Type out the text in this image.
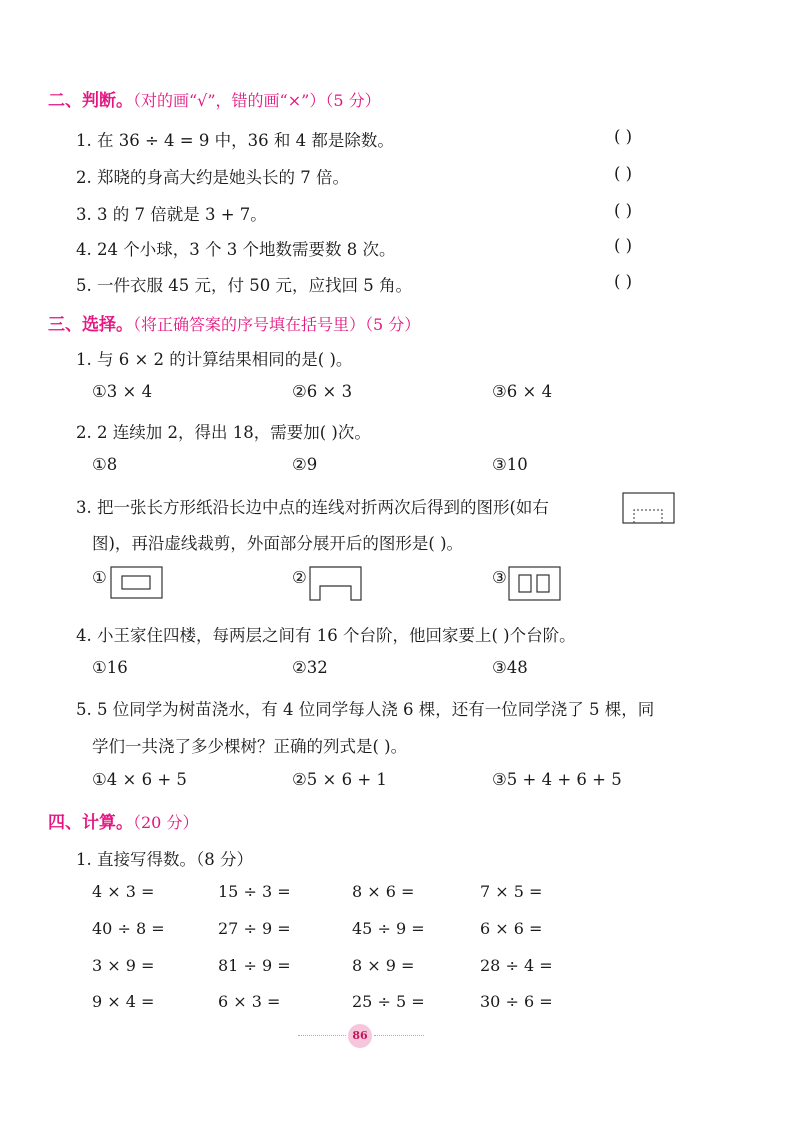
二、判断。（对的画“√”，错的画“×”）（5 分）
1. 在 36 ÷ 4 = 9 中，36 和 4 都是除数。	( )
2. 郑晓的身高大约是她头长的 7 倍。	( )
3. 3 的 7 倍就是 3 + 7。	( )
4. 24 个小球，3 个 3 个地数需要数 8 次。	( )
5. 一件衣服 45 元，付 50 元，应找回 5 角。	( )
三、选择。（将正确答案的序号填在括号里）（5 分）
1. 与 6 × 2 的计算结果相同的是( )。
①3 × 4	②6 × 3	③6 × 4
2. 2 连续加 2，得出 18，需要加( )次。
①8	②9	③10
3. 把一张长方形纸沿长边中点的连线对折两次后得到的图形(如右
图)，再沿虚线裁剪，外面部分展开后的图形是( )。
①	②	③
4. 小王家住四楼，每两层之间有 16 个台阶，他回家要上( )个台阶。
①16	②32	③48
5. 5 位同学为树苗浇水，有 4 位同学每人浇 6 棵，还有一位同学浇了 5 棵，同
学们一共浇了多少棵树？正确的列式是( )。
①4 × 6 + 5	②5 × 6 + 1	③5 + 4 + 6 + 5
四、计算。（20 分）
1. 直接写得数。（8 分）
4 × 3 =	15 ÷ 3 =	8 × 6 =	7 × 5 =
40 ÷ 8 =	27 ÷ 9 =	45 ÷ 9 =	6 × 6 =
3 × 9 =	81 ÷ 9 =	8 × 9 =	28 ÷ 4 =
9 × 4 =	6 × 3 =	25 ÷ 5 =	30 ÷ 6 =
86
